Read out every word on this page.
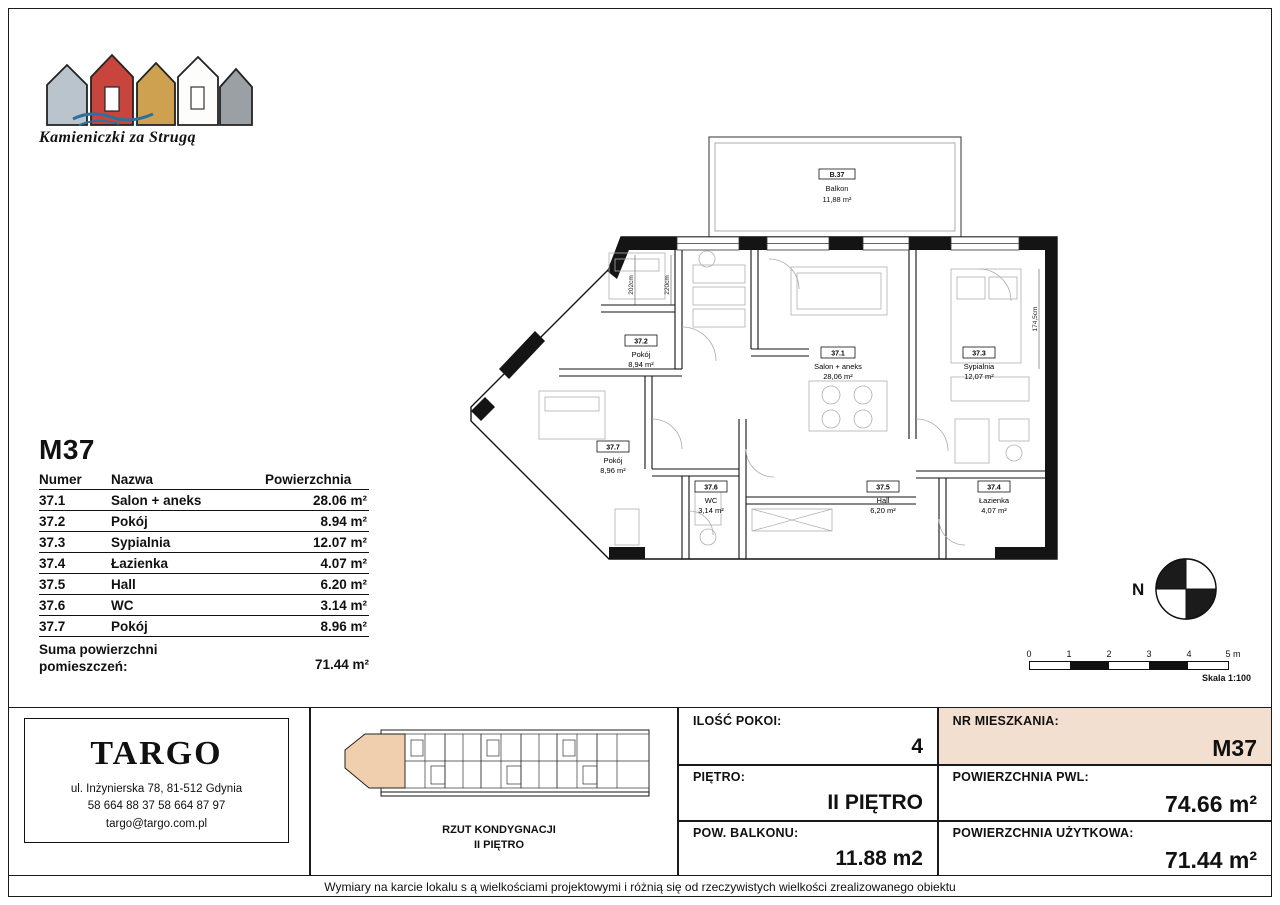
Kamieniczki za Strugą
M37
Numer	Nazwa	Powierzchnia
37.1	Salon + aneks	28.06 m²
37.2	Pokój	8.94 m²
37.3	Sypialnia	12.07 m²
37.4	Łazienka	4.07 m²
37.5	Hall	6.20 m²
37.6	WC	3.14 m²
37.7	Pokój	8.96 m²
Suma powierzchni pomieszczeń:	71.44 m²
B.37
Balkon
11,88 m²
202cm	220cm
174,5cm
37.1
Salon + aneks
28,06 m²
37.2
Pokój
8,94 m²
37.3
Sypialnia
12,07 m²
37.4
Łazienka
4,07 m²
37.5
Hall
6,20 m²
37.6
WC
3,14 m²
37.7
Pokój
8,96 m²
N
0	1	2	3	4	5 m
Skala 1:100
TARGO
ul. Inżynierska 78, 81-512 Gdynia
58 664 88 37 58 664 87 97
targo@targo.com.pl
RZUT KONDYGNACJI
II PIĘTRO
ILOŚĆ POKOI:
4
PIĘTRO:
II PIĘTRO
POW. BALKONU:
11.88 m2
NR MIESZKANIA:
M37
POWIERZCHNIA PWL:
74.66 m²
POWIERZCHNIA UŻYTKOWA:
71.44 m²
Wymiary na karcie lokalu s ą wielkościami projektowymi i różnią się od rzeczywistych wielkości zrealizowanego obiektu
